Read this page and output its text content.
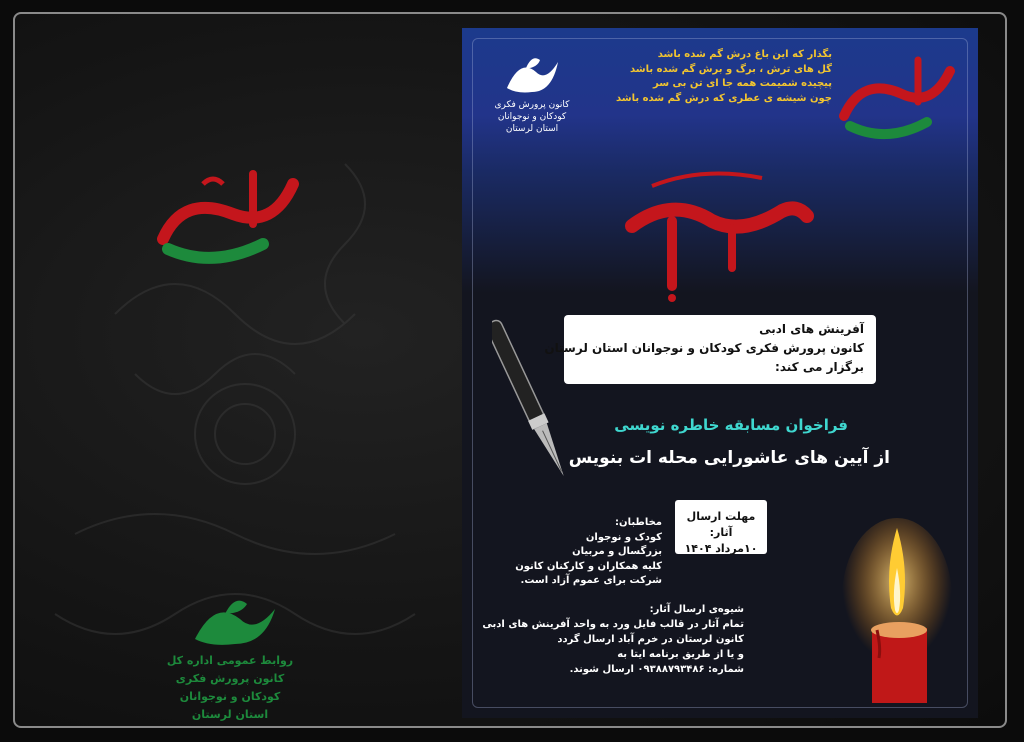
روابط عمومی اداره کل
کانون پرورش فکری
کودکان و نوجوانان
استان لرستان
کانون پرورش فکری
کودکان و نوجوانان
استان لرستان
بگذار که این باغ درش گم شده باشد
گل های ترش ، برگ و برش گم شده باشد
پیچیده شمیمت همه جا ای تن بی سر
چون شیشه ی عطری که درش گم شده باشد
آفرینش های ادبی
کانون پرورش فکری کودکان و نوجوانان استان لرستان
برگزار می کند:
فراخوان مسابقه خاطره نویسی
از آیین های عاشورایی محله ات بنویس
مهلت ارسال آثار:
۱۰مرداد ۱۴۰۴
مخاطبان:
کودک و نوجوان
بزرگسال و مربیان
کلیه همکاران و کارکنان کانون
شرکت برای عموم آزاد است.
شیوه‌ی ارسال آثار:
تمام آثار در قالب فایل ورد به واحد آفرینش های ادبی
کانون لرستان در خرم آباد ارسال گردد
و یا از طریق برنامه ایتا به
شماره: ۰۹۳۸۸۷۹۳۴۸۶ ارسال شوند.
